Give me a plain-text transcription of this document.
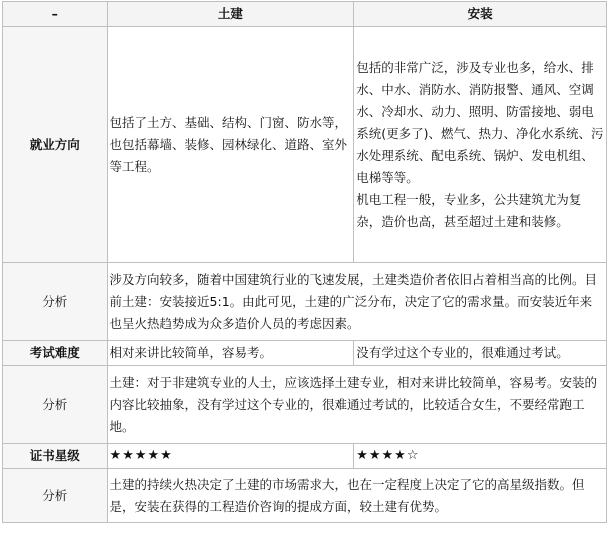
–	土建	安装
就业方向	包括了土方、基础、结构、门窗、防水等，也包括幕墙、装修、园林绿化、道路、室外等工程。	包括的非常广泛，涉及专业也多，给水、排水、中水、消防水、消防报警、通风、空调水、冷却水、动力、照明、防雷接地、弱电系统(更多了)、燃气、热力、净化水系统、污水处理系统、配电系统、锅炉、发电机组、电梯等等。
机电工程一般，专业多，公共建筑尤为复杂，造价也高，甚至超过土建和装修。

分析	涉及方向较多，随着中国建筑行业的飞速发展，土建类造价者依旧占着相当高的比例。目前土建：安装接近5:1。由此可见，土建的广泛分布，决定了它的需求量。而安装近年来也呈火热趋势成为众多造价人员的考虑因素。	
考试难度	相对来讲比较简单，容易考。	没有学过这个专业的，很难通过考试。
分析	土建：对于非建筑专业的人士，应该选择土建专业，相对来讲比较简单，容易考。安装的内容比较抽象，没有学过这个专业的，很难通过考试的，比较适合女生，不要经常跑工地。	
证书星级	★★★★★	★★★★☆
分析	土建的持续火热决定了土建的市场需求大，也在一定程度上决定了它的高星级指数。但是，安装在获得的工程造价咨询的提成方面，较土建有优势。	
